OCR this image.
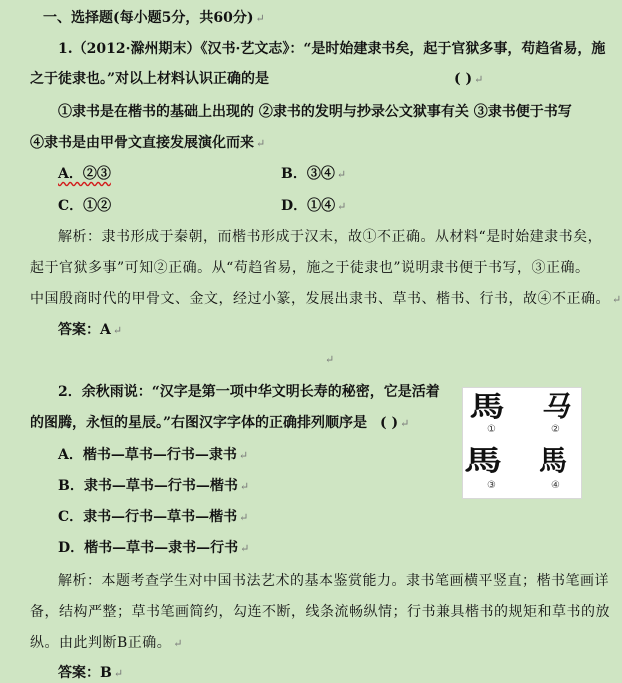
一、选择题(每小题5分，共60分) ↵
1.（2012·滁州期末）《汉书·艺文志》：“是时始建隶书矣，起于官狱多事，苟趋省易，施
之于徒隶也。”对以上材料认识正确的是	( ) ↵
①隶书是在楷书的基础上出现的 ②隶书的发明与抄录公文狱事有关 ③隶书便于书写
④隶书是由甲骨文直接发展演化而来 ↵
A．②③	B．③④ ↵
C．①②	D．①④ ↵
解析：隶书形成于秦朝，而楷书形成于汉末，故①不正确。从材料“是时始建隶书矣，
起于官狱多事”可知②正确。从“苟趋省易，施之于徒隶也”说明隶书便于书写，③正确。
中国殷商时代的甲骨文、金文，经过小篆，发展出隶书、草书、楷书、行书，故④不正确。 ↵
答案：A ↵
↵
2．余秋雨说：“汉字是第一项中华文明长寿的秘密，它是活着
的图腾，永恒的星辰。”右图汉字字体的正确排列顺序是 ( ) ↵
A．楷书—草书—行书—隶书 ↵
B．隶书—草书—行书—楷书 ↵
C．隶书—行书—草书—楷书 ↵
D．楷书—草书—隶书—行书 ↵
解析：本题考查学生对中国书法艺术的基本鉴赏能力。隶书笔画横平竖直；楷书笔画详
备，结构严整；草书笔画简约，勾连不断，线条流畅纵情；行书兼具楷书的规矩和草书的放
纵。由此判断B正确。 ↵
答案：B ↵
馬 马
①	②
馬 馬
③	④
